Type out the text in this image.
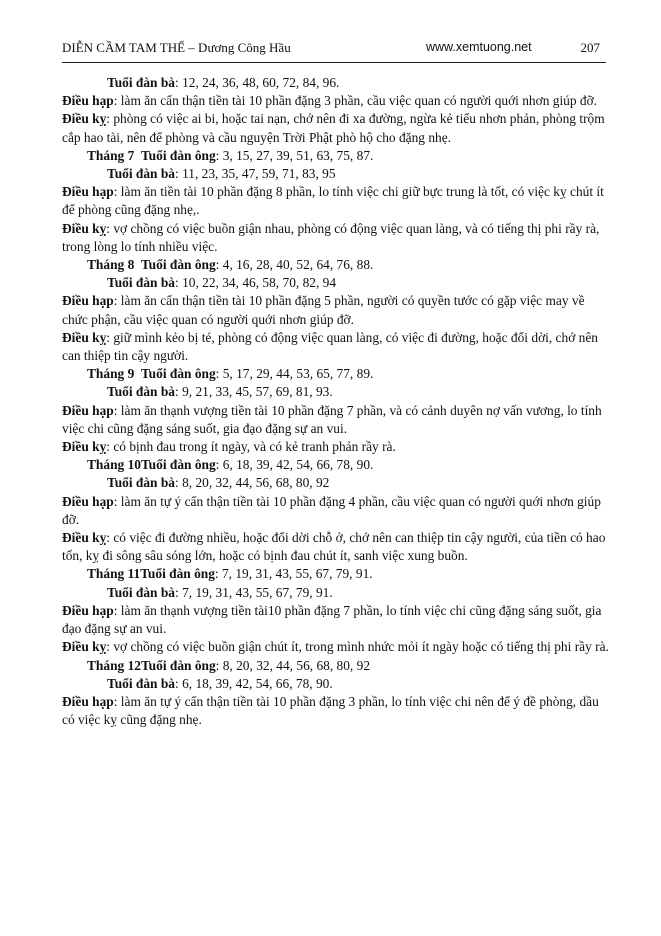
DIỄN CẦM TAM THẾ – Dương Công Hầu	www.xemtuong.net	207

Tuổi đàn bà: 12, 24, 36, 48, 60, 72, 84, 96.

Điều hạp: làm ăn cẩn thận tiền tài 10 phần đặng 3 phần, cầu việc quan có người quới nhơn giúp đỡ.

Điều kỵ: phòng có việc ai bi, hoặc tai nạn, chớ nên đi xa đường, ngừa kẻ tiểu nhơn phản, phòng trộm cắp hao tài, nên để phòng và cầu nguyện Trời Phật phò hộ cho đặng nhẹ.

Tháng 7 Tuổi đàn ông: 3, 15, 27, 39, 51, 63, 75, 87.

Tuổi đàn bà: 11, 23, 35, 47, 59, 71, 83, 95

Điều hạp: làm ăn tiền tài 10 phần đặng 8 phần, lo tính việc chi giữ bực trung là tốt, có việc kỵ chút ít để phòng cũng đặng nhẹ,.

Điều kỵ: vợ chồng có việc buồn giận nhau, phòng có động việc quan làng, và có tiếng thị phi rầy rà, trong lòng lo tính nhiều việc.

Tháng 8 Tuổi đàn ông: 4, 16, 28, 40, 52, 64, 76, 88.

Tuổi đàn bà: 10, 22, 34, 46, 58, 70, 82, 94

Điều hạp: làm ăn cẩn thận tiền tài 10 phần đặng 5 phần, người có quyền tước có gặp việc may về chức phận, cầu việc quan có người quới nhơn giúp đỡ.

Điều kỵ: giữ mình kẻo bị té, phòng có động việc quan làng, có việc đi đường, hoặc đổi dời, chớ nên can thiệp tin cậy người.

Tháng 9 Tuổi đàn ông: 5, 17, 29, 44, 53, 65, 77, 89.

Tuổi đàn bà: 9, 21, 33, 45, 57, 69, 81, 93.

Điều hạp: làm ăn thạnh vượng tiền tài 10 phần đặng 7 phần, và có cảnh duyên nợ vấn vương, lo tính việc chi cũng đặng sáng suốt, gia đạo đặng sự an vui.

Điều kỵ: có bịnh đau trong ít ngày, và có kẻ tranh phản rầy rà.

Tháng 10Tuổi đàn ông: 6, 18, 39, 42, 54, 66, 78, 90.

Tuổi đàn bà: 8, 20, 32, 44, 56, 68, 80, 92

Điều hạp: làm ăn tự ý cẩn thận tiền tài 10 phần đặng 4 phần, cầu việc quan có người quới nhơn giúp đỡ.

Điều kỵ: có việc đi đường nhiều, hoặc đổi dời chỗ ở, chớ nên can thiệp tin cậy người, của tiền có hao tốn, kỵ đi sông sâu sóng lớn, hoặc có bịnh đau chút ít, sanh việc xung buồn.

Tháng 11Tuổi đàn ông: 7, 19, 31, 43, 55, 67, 79, 91.

Tuổi đàn bà: 7, 19, 31, 43, 55, 67, 79, 91.

Điều hạp: làm ăn thạnh vượng tiền tài10 phần đặng 7 phần, lo tính việc chi cũng đặng sáng suốt, gia đạo đặng sự an vui.

Điều kỵ: vợ chồng có việc buồn giận chút ít, trong mình nhức mỏi ít ngày hoặc có tiếng thị phi rầy rà.

Tháng 12Tuổi đàn ông: 8, 20, 32, 44, 56, 68, 80, 92

Tuổi đàn bà: 6, 18, 39, 42, 54, 66, 78, 90.

Điều hạp: làm ăn tự ý cẩn thận tiền tài 10 phần đặng 3 phần, lo tính việc chi nên để ý đề phòng, dầu có việc kỵ cũng đặng nhẹ.
